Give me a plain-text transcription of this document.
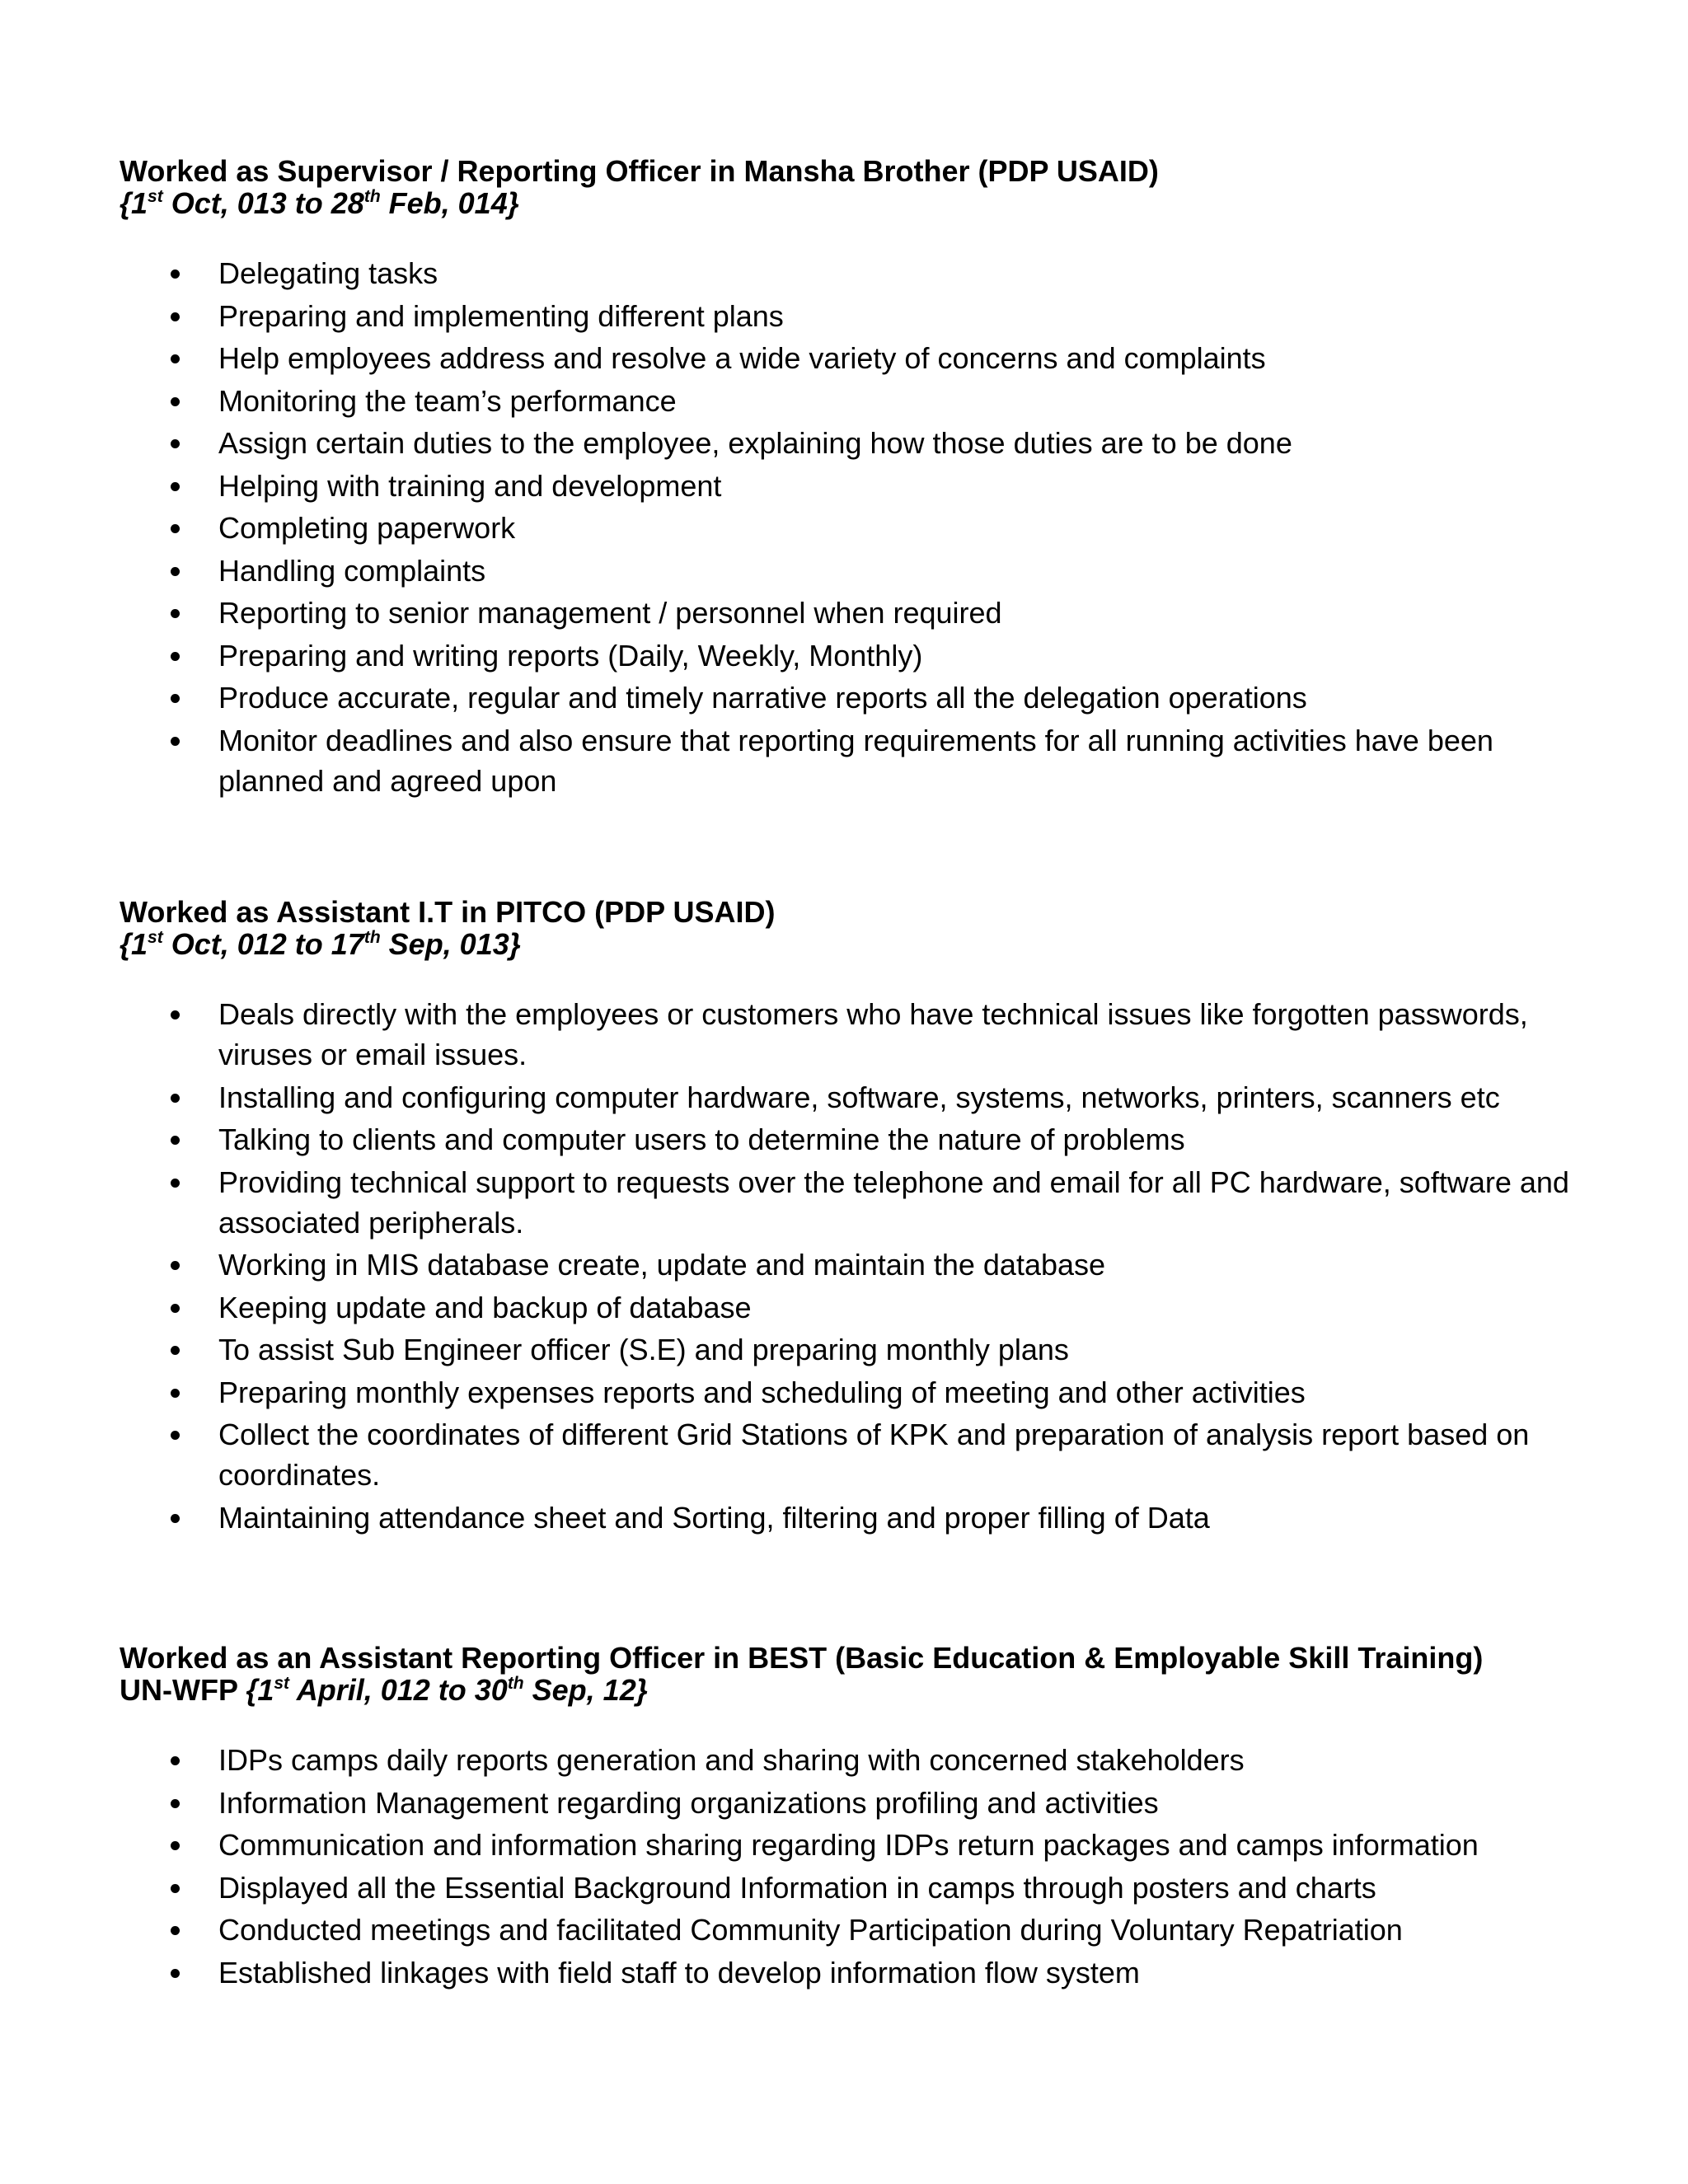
Worked as Supervisor / Reporting Officer in Mansha Brother (PDP USAID)

{1st Oct, 013 to 28th Feb, 014}

Delegating tasks
Preparing and implementing different plans
Help employees address and resolve a wide variety of concerns and complaints
Monitoring the team’s performance
Assign certain duties to the employee, explaining how those duties are to be done
Helping with training and development
Completing paperwork
Handling complaints
Reporting to senior management / personnel when required
Preparing and writing reports (Daily, Weekly, Monthly)
Produce accurate, regular and timely narrative reports all the delegation operations
Monitor deadlines and also ensure that reporting requirements for all running activities have been planned and agreed upon

Worked as Assistant I.T in PITCO (PDP USAID)

{1st Oct, 012 to 17th Sep, 013}

Deals directly with the employees or customers who have technical issues like forgotten passwords, viruses or email issues.
Installing and configuring computer hardware, software, systems, networks, printers, scanners etc
Talking to clients and computer users to determine the nature of problems
Providing technical support to requests over the telephone and email for all PC hardware, software and associated peripherals.
Working in MIS database create, update and maintain the database
Keeping update and backup of database
To assist Sub Engineer officer (S.E) and preparing monthly plans
Preparing monthly expenses reports and scheduling of meeting and other activities
Collect the coordinates of different Grid Stations of KPK and preparation of analysis report based on coordinates.
Maintaining attendance sheet and Sorting, filtering and proper filling of Data

Worked as an Assistant Reporting Officer in BEST (Basic Education & Employable Skill Training)

UN-WFP {1st April, 012 to 30th Sep, 12}

IDPs camps daily reports generation and sharing with concerned stakeholders
Information Management regarding organizations profiling and activities
Communication and information sharing regarding IDPs return packages and camps information
Displayed all the Essential Background Information in camps through posters and charts
Conducted meetings and facilitated Community Participation during Voluntary Repatriation
Established linkages with field staff to develop information flow system
